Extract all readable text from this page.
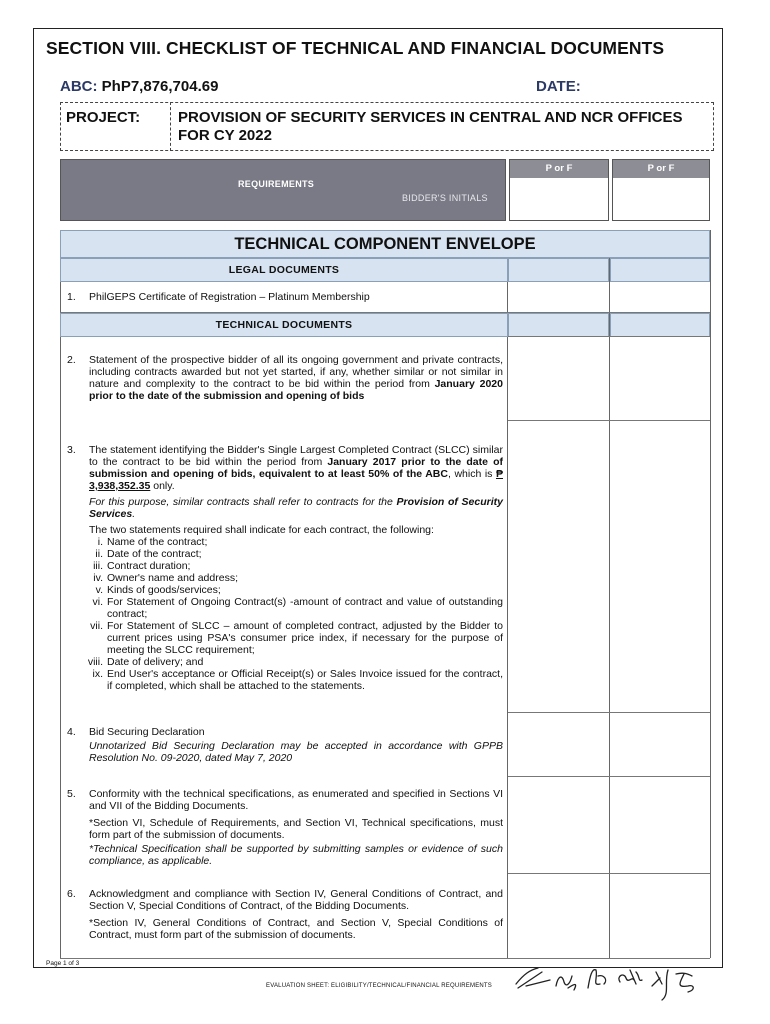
SECTION VIII. CHECKLIST OF TECHNICAL AND FINANCIAL DOCUMENTS
ABC: PhP7,876,704.69	DATE:
PROJECT:	PROVISION OF SECURITY SERVICES IN CENTRAL AND NCR OFFICES FOR CY 2022
REQUIREMENTS
BIDDER'S INITIALS
P or F	P or F
TECHNICAL COMPONENT ENVELOPE
LEGAL DOCUMENTS
TECHNICAL DOCUMENTS
1.	PhilGEPS Certificate of Registration – Platinum Membership
2.	Statement of the prospective bidder of all its ongoing government and private contracts, including contracts awarded but not yet started, if any, whether similar or not similar in nature and complexity to the contract to be bid within the period from January 2020 prior to the date of the submission and opening of bids
3.	The statement identifying the Bidder's Single Largest Completed Contract (SLCC) similar to the contract to be bid within the period from January 2017 prior to the date of submission and opening of bids, equivalent to at least 50% of the ABC, which is ₱ 3,938,352.35 only.

For this purpose, similar contracts shall refer to contracts for the Provision of Security Services.

The two statements required shall indicate for each contract, the following:

i. Name of the contract;
ii. Date of the contract;
iii. Contract duration;
iv. Owner's name and address;
v. Kinds of goods/services;
vi. For Statement of Ongoing Contract(s) -amount of contract and value of outstanding contract;
vii. For Statement of SLCC – amount of completed contract, adjusted by the Bidder to current prices using PSA's consumer price index, if necessary for the purpose of meeting the SLCC requirement;
viii. Date of delivery; and
ix. End User's acceptance or Official Receipt(s) or Sales Invoice issued for the contract, if completed, which shall be attached to the statements.
4.	Bid Securing Declaration

Unnotarized Bid Securing Declaration may be accepted in accordance with GPPB Resolution No. 09-2020, dated May 7, 2020

5.	Conformity with the technical specifications, as enumerated and specified in Sections VI and VII of the Bidding Documents.

*Section VI, Schedule of Requirements, and Section VI, Technical specifications, must form part of the submission of documents.

*Technical Specification shall be supported by submitting samples or evidence of such compliance, as applicable.

6.	Acknowledgment and compliance with Section IV, General Conditions of Contract, and Section V, Special Conditions of Contract, of the Bidding Documents.

*Section IV, General Conditions of Contract, and Section V, Special Conditions of Contract, must form part of the submission of documents.

Page 1 of 3
EVALUATION SHEET: ELIGIBILITY/TECHNICAL/FINANCIAL REQUIREMENTS
